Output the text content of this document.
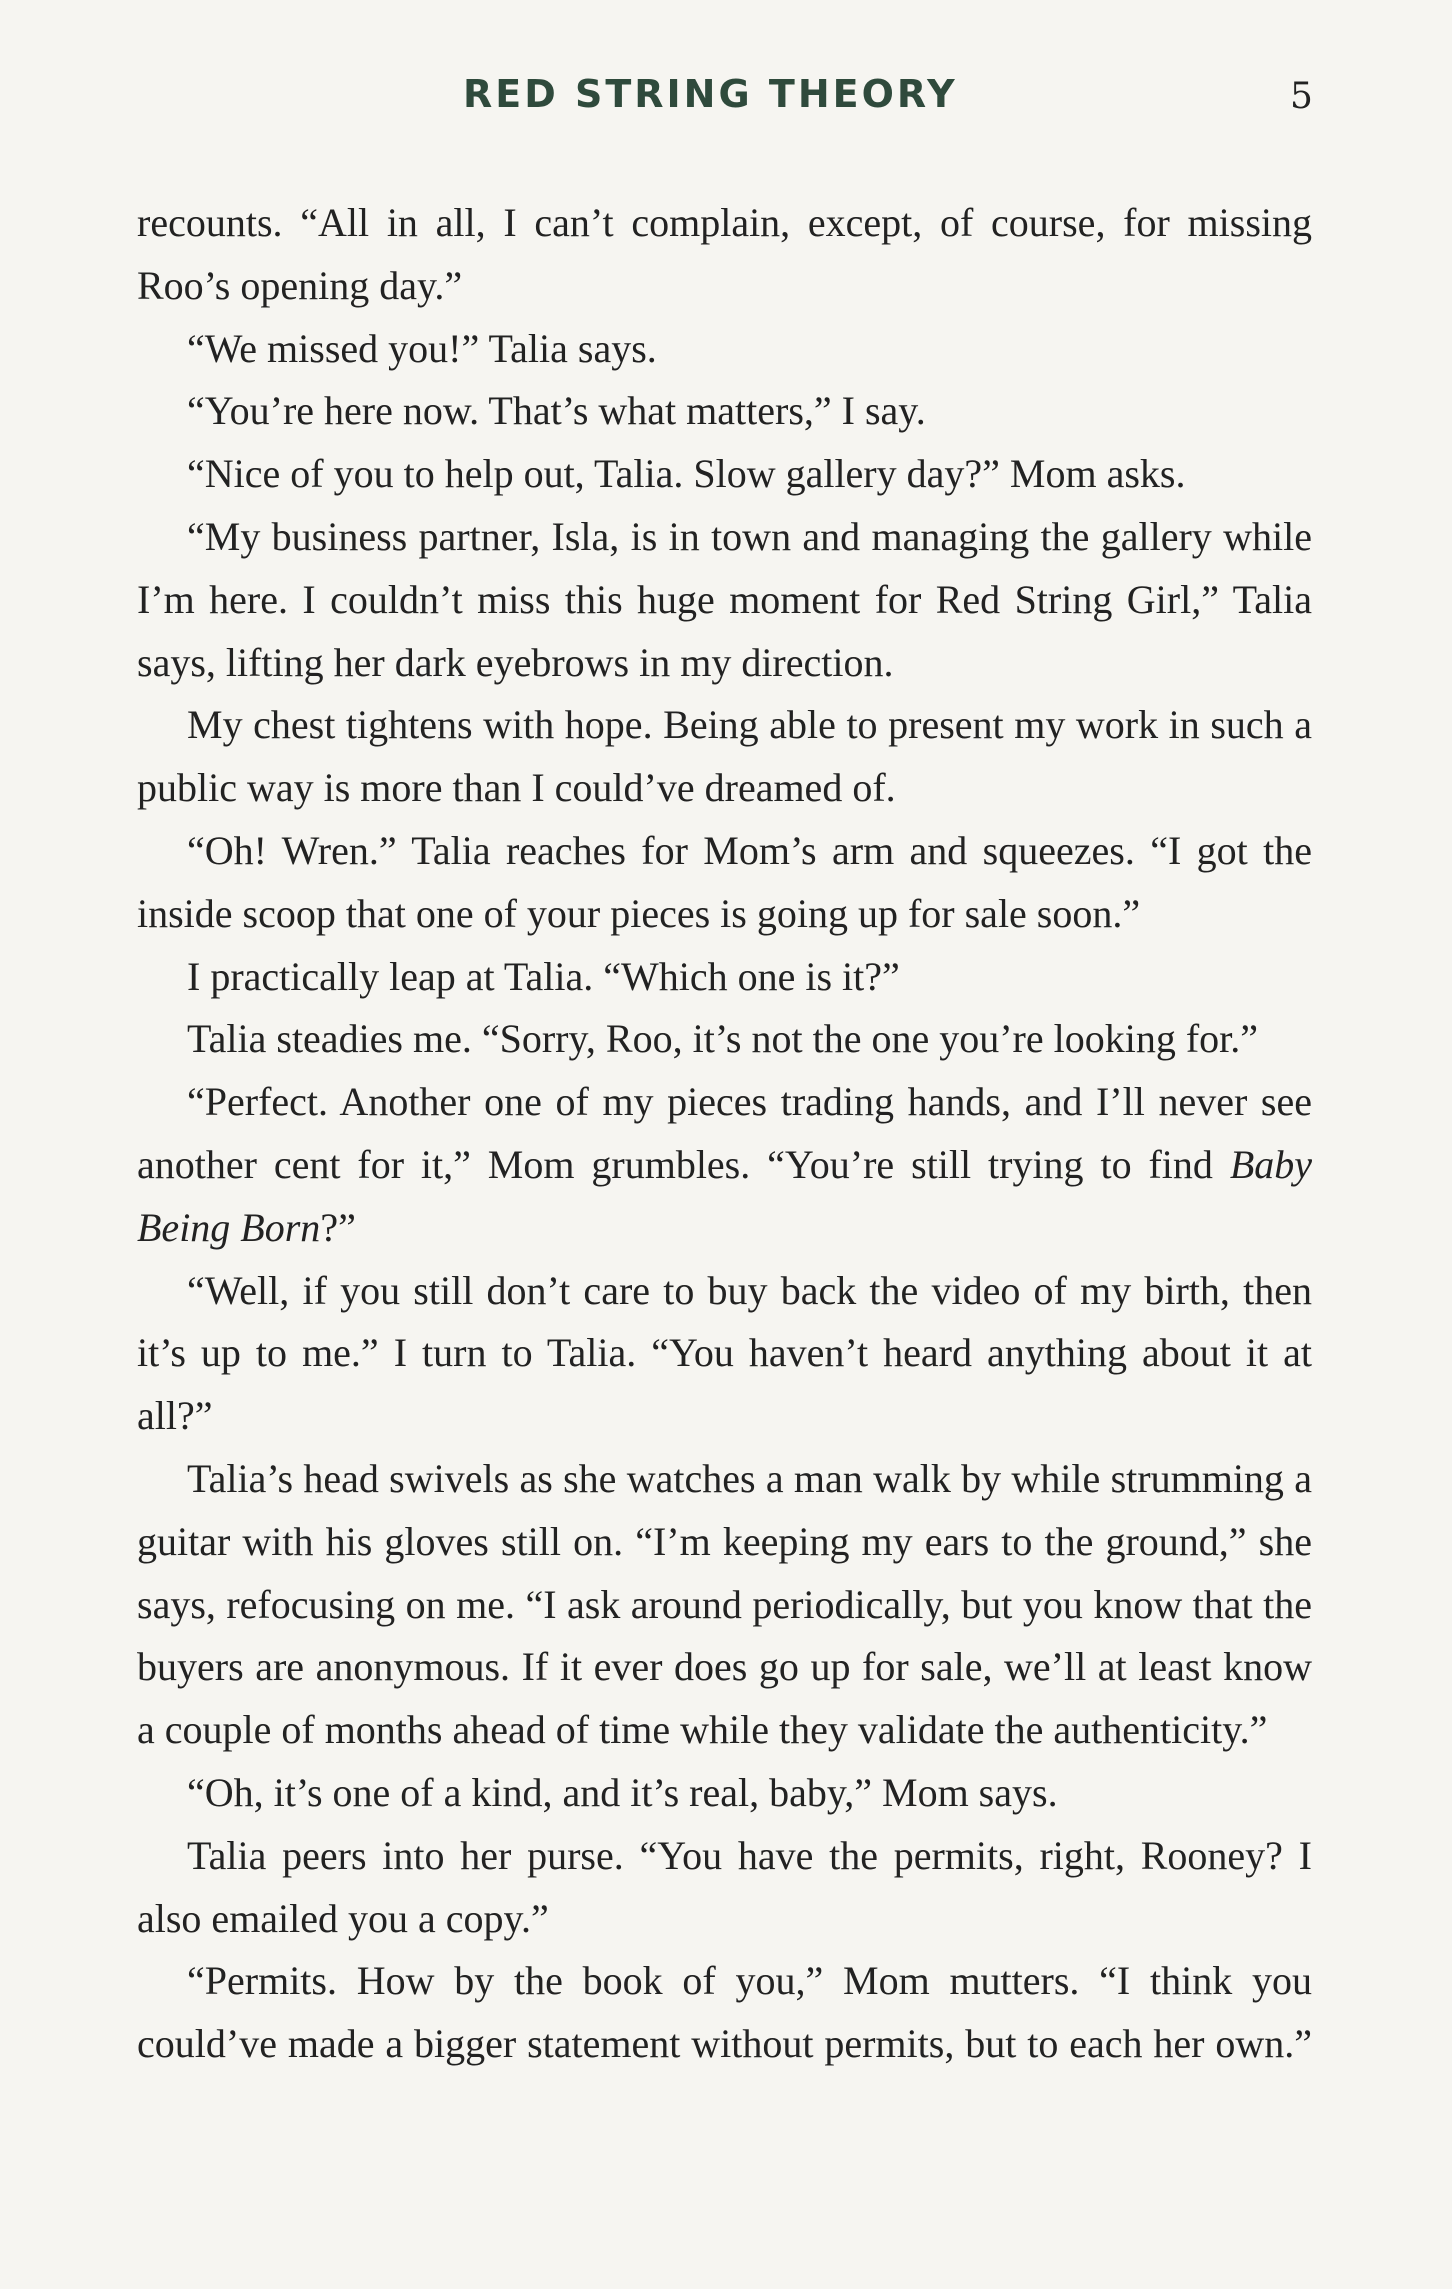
RED STRING THEORY	5

recounts. “All in all, I can’t complain, except, of course, for missing Roo’s opening day.”

“We missed you!” Talia says.

“You’re here now. That’s what matters,” I say.

“Nice of you to help out, Talia. Slow gallery day?” Mom asks.

“My business partner, Isla, is in town and managing the gallery while I’m here. I couldn’t miss this huge moment for Red String Girl,” Talia says, lifting her dark eyebrows in my direction.

My chest tightens with hope. Being able to present my work in such a public way is more than I could’ve dreamed of.

“Oh! Wren.” Talia reaches for Mom’s arm and squeezes. “I got the inside scoop that one of your pieces is going up for sale soon.”

I practically leap at Talia. “Which one is it?”

Talia steadies me. “Sorry, Roo, it’s not the one you’re looking for.”

“Perfect. Another one of my pieces trading hands, and I’ll never see another cent for it,” Mom grumbles. “You’re still trying to find Baby Being Born?”

“Well, if you still don’t care to buy back the video of my birth, then it’s up to me.” I turn to Talia. “You haven’t heard anything about it at all?”

Talia’s head swivels as she watches a man walk by while strumming a guitar with his gloves still on. “I’m keeping my ears to the ground,” she says, refocusing on me. “I ask around periodically, but you know that the buyers are anonymous. If it ever does go up for sale, we’ll at least know a couple of months ahead of time while they validate the authenticity.”

“Oh, it’s one of a kind, and it’s real, baby,” Mom says.

Talia peers into her purse. “You have the permits, right, Rooney? I also emailed you a copy.”

“Permits. How by the book of you,” Mom mutters. “I think you could’ve made a bigger statement without permits, but to each her own.”
